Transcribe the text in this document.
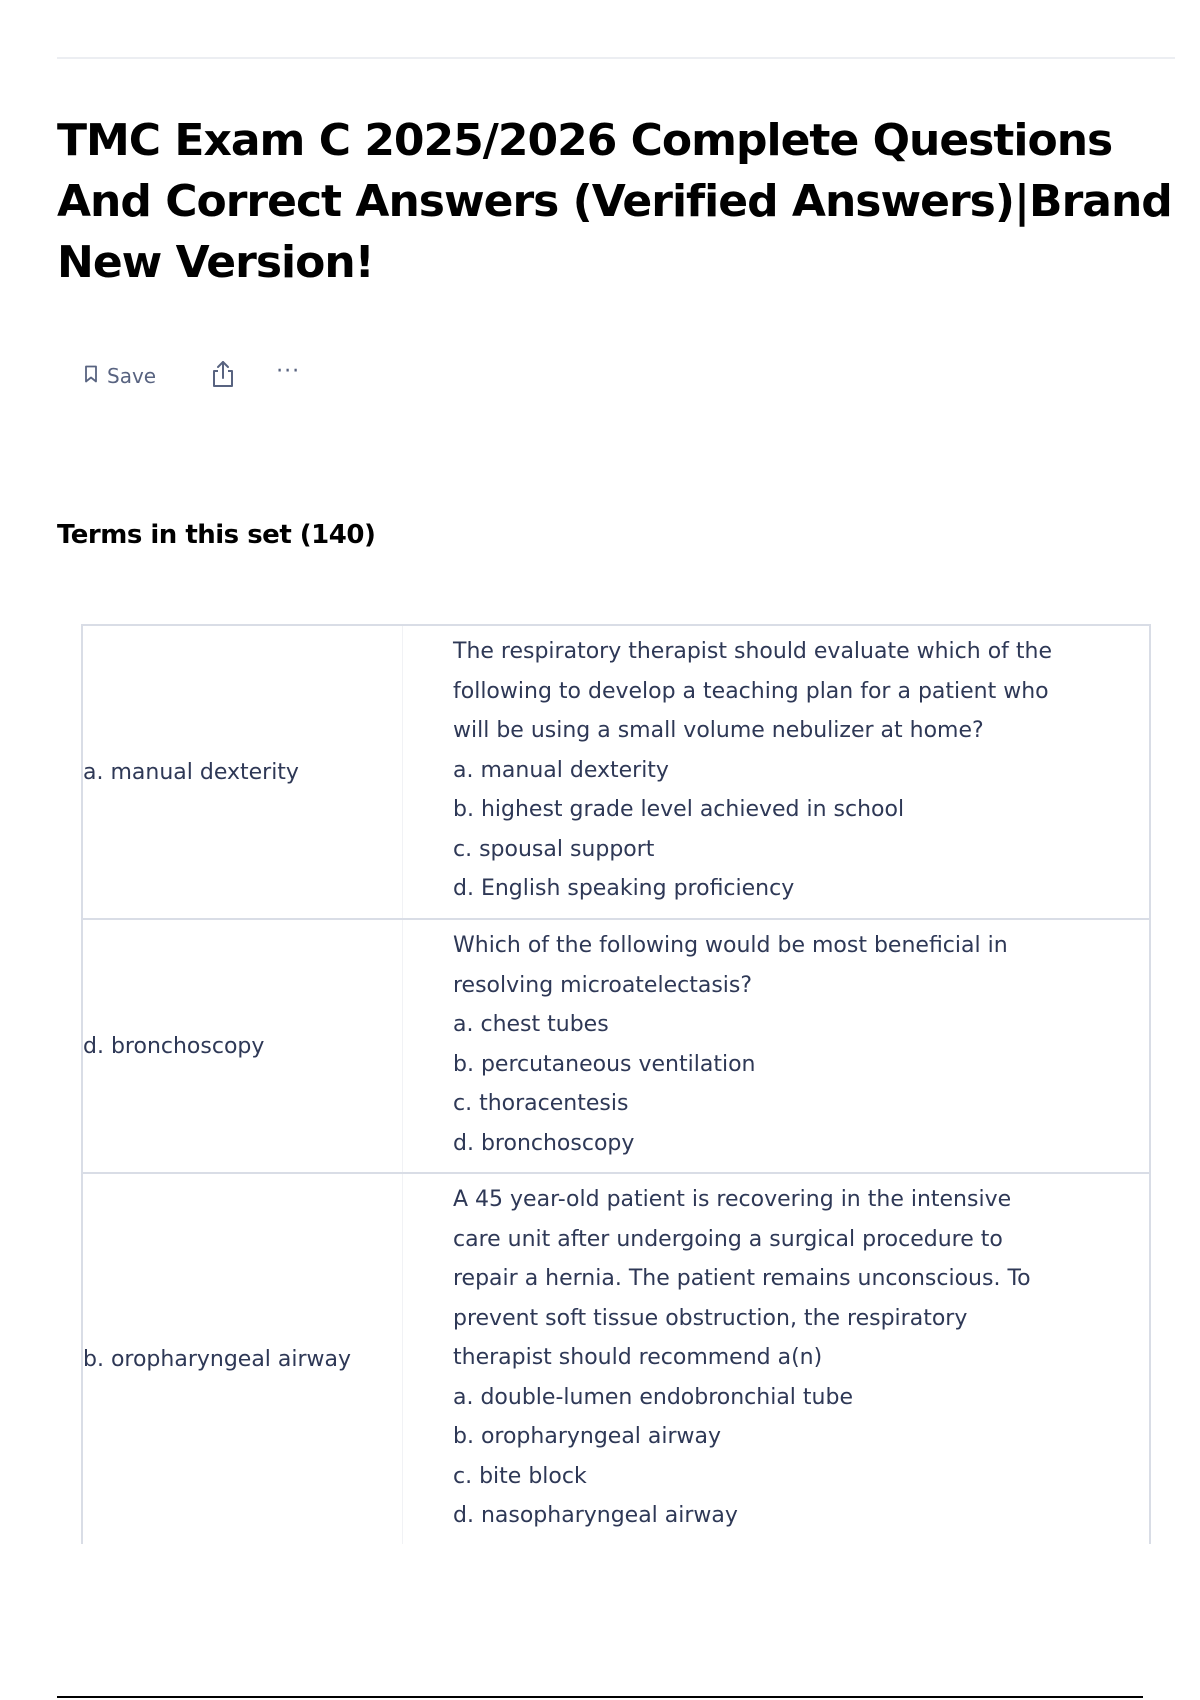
TMC Exam C 2025/2026 Complete Questions And Correct Answers (Verified Answers)|Brand New Version!
Save	···
Terms in this set (140)
a. manual dexterity
The respiratory therapist should evaluate which of the
following to develop a teaching plan for a patient who
will be using a small volume nebulizer at home?
a. manual dexterity
b. highest grade level achieved in school
c. spousal support
d. English speaking proficiency
d. bronchoscopy
Which of the following would be most beneficial in
resolving microatelectasis?
a. chest tubes
b. percutaneous ventilation
c. thoracentesis
d. bronchoscopy
b. oropharyngeal airway
A 45 year-old patient is recovering in the intensive
care unit after undergoing a surgical procedure to
repair a hernia. The patient remains unconscious. To
prevent soft tissue obstruction, the respiratory
therapist should recommend a(n)
a. double-lumen endobronchial tube
b. oropharyngeal airway
c. bite block
d. nasopharyngeal airway
